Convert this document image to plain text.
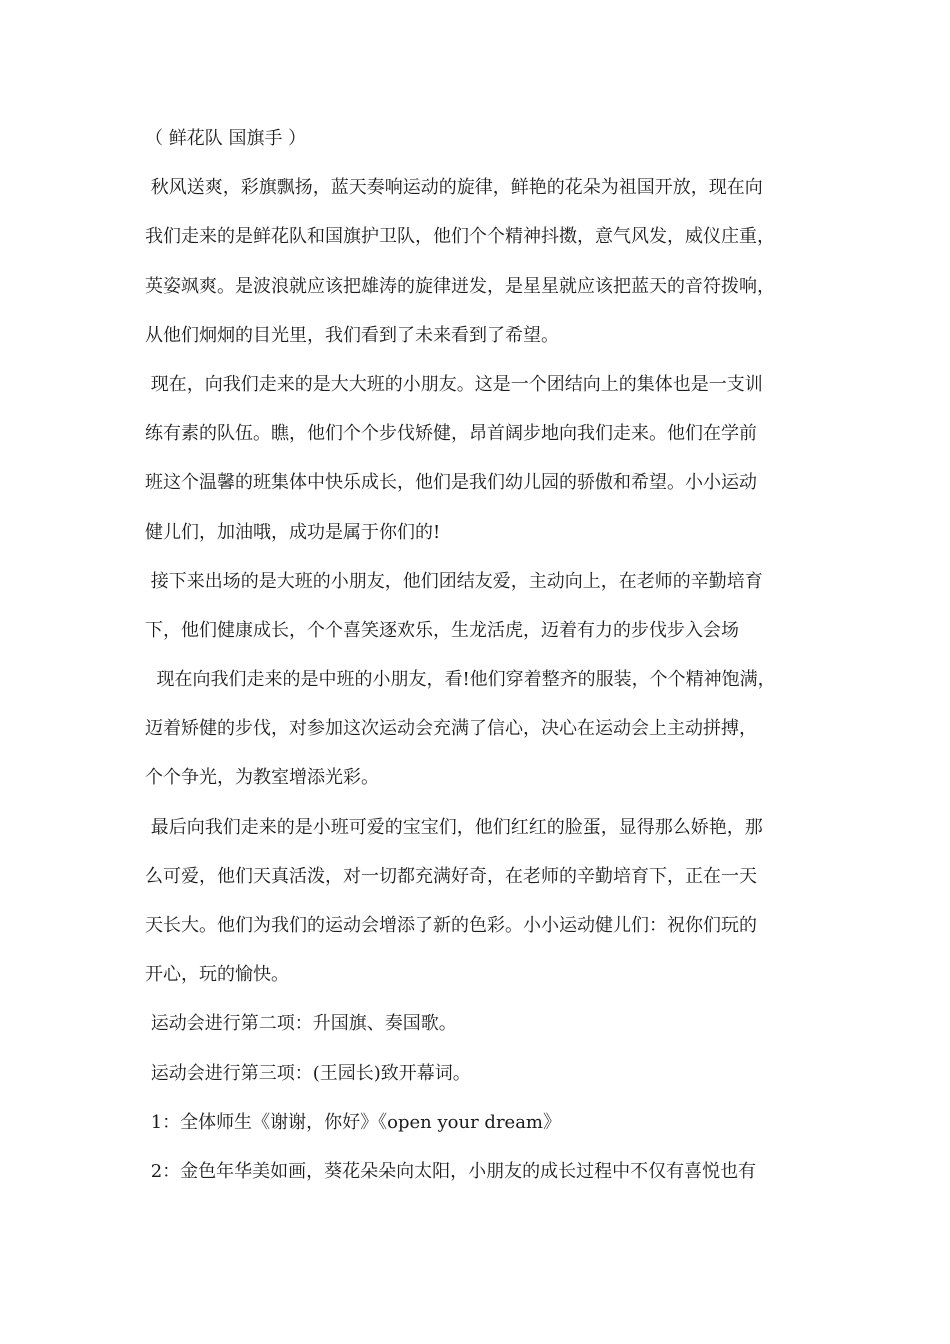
（ 鲜花队 国旗手 ）
秋风送爽，彩旗飘扬，蓝天奏响运动的旋律，鲜艳的花朵为祖国开放，现在向
我们走来的是鲜花队和国旗护卫队，他们个个精神抖擞，意气风发，威仪庄重，
英姿飒爽。是波浪就应该把雄涛的旋律迸发，是星星就应该把蓝天的音符拨响，
从他们炯炯的目光里，我们看到了未来看到了希望。
现在，向我们走来的是大大班的小朋友。这是一个团结向上的集体也是一支训
练有素的队伍。瞧，他们个个步伐矫健，昂首阔步地向我们走来。他们在学前
班这个温馨的班集体中快乐成长，他们是我们幼儿园的骄傲和希望。小小运动
健儿们，加油哦，成功是属于你们的!
接下来出场的是大班的小朋友，他们团结友爱，主动向上，在老师的辛勤培育
下，他们健康成长，个个喜笑逐欢乐，生龙活虎，迈着有力的步伐步入会场
现在向我们走来的是中班的小朋友，看!他们穿着整齐的服装，个个精神饱满，
迈着矫健的步伐，对参加这次运动会充满了信心，决心在运动会上主动拼搏，
个个争光，为教室增添光彩。
最后向我们走来的是小班可爱的宝宝们，他们红红的脸蛋，显得那么娇艳，那
么可爱，他们天真活泼，对一切都充满好奇，在老师的辛勤培育下，正在一天
天长大。他们为我们的运动会增添了新的色彩。小小运动健儿们：祝你们玩的
开心，玩的愉快。
运动会进行第二项：升国旗、奏国歌。
运动会进行第三项：(王园长)致开幕词。
1：全体师生《谢谢，你好》《open your dream》
2：金色年华美如画，葵花朵朵向太阳，小朋友的成长过程中不仅有喜悦也有
